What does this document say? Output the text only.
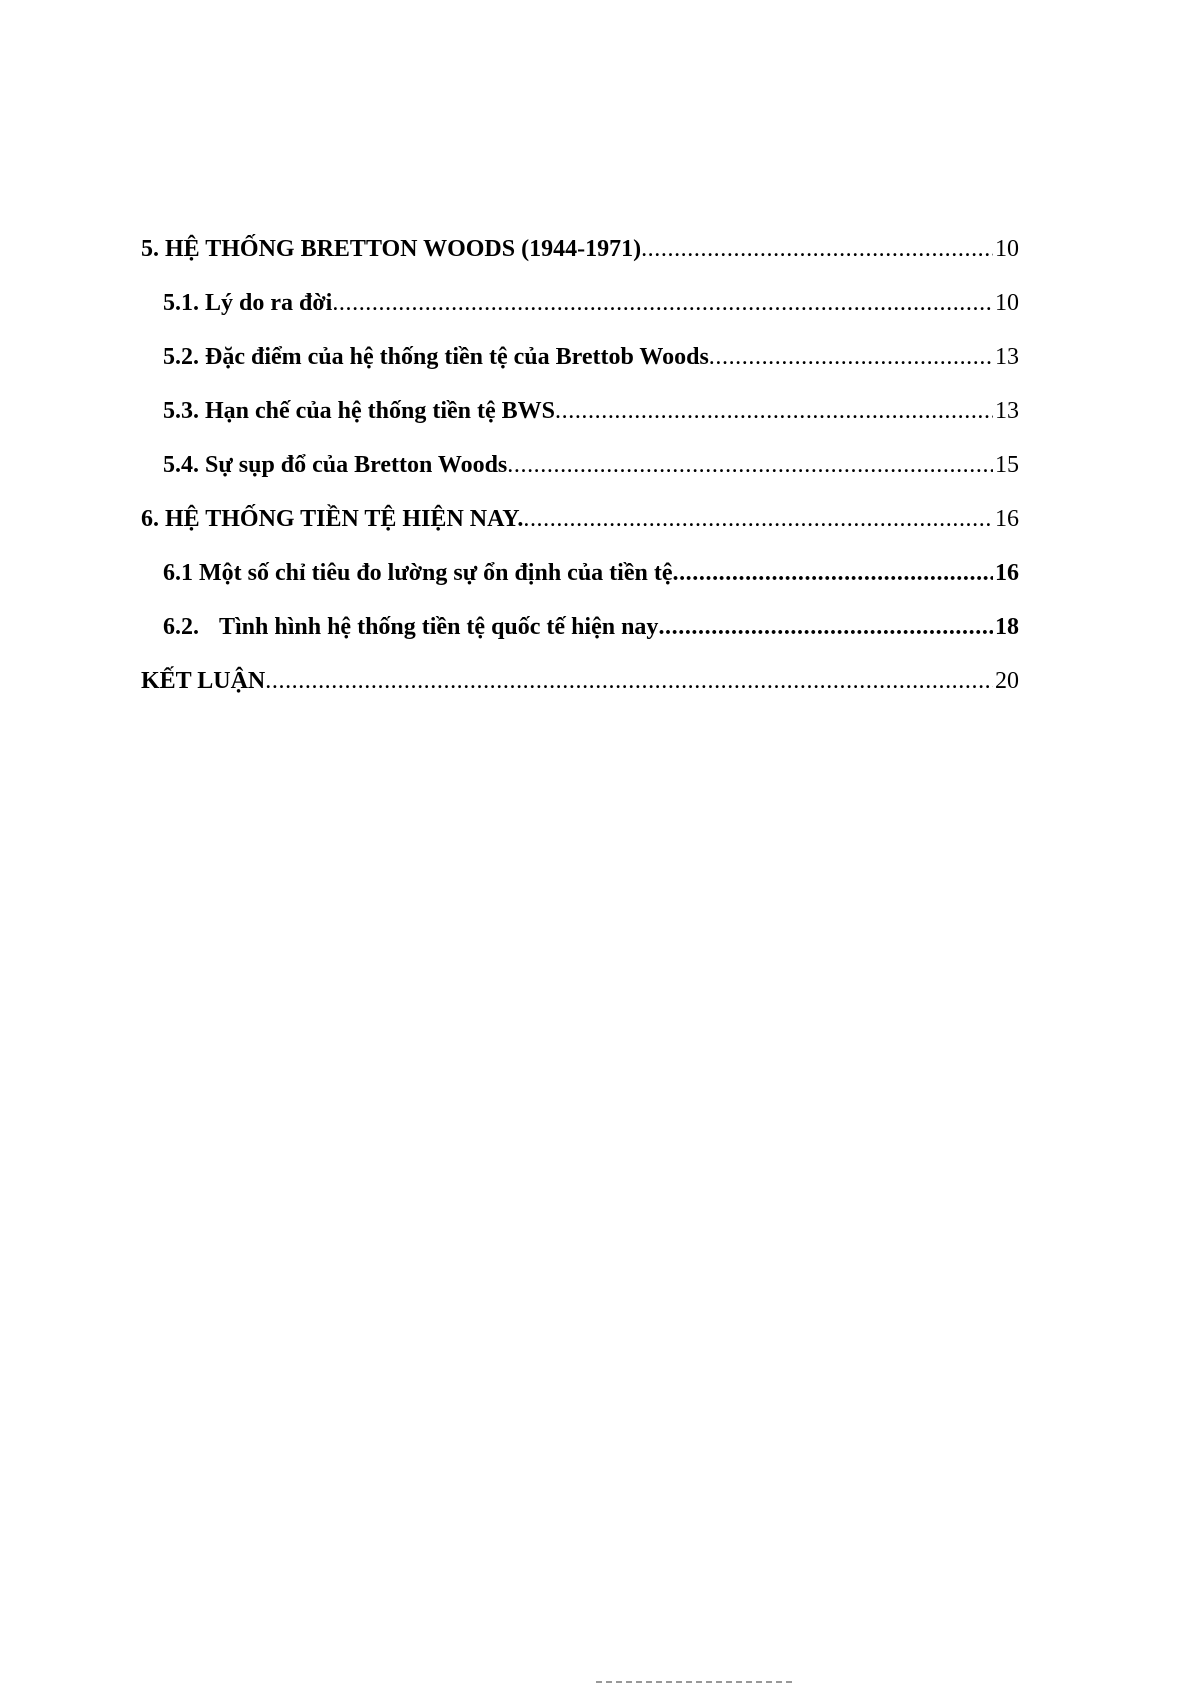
5. HỆ THỐNG BRETTON WOODS (1944-1971) .....	10
5.1. Lý do ra đời .....	10
5.2. Đặc điểm của hệ thống tiền tệ của Brettob Woods .....	13
5.3. Hạn chế của hệ thống tiền tệ BWS .....	13
5.4. Sự sụp đổ của Bretton Woods .....	15
6. HỆ THỐNG TIỀN TỆ HIỆN NAY. .....	16
6.1 Một số chỉ tiêu đo lường sự ổn định của tiền tệ .....	16
6.2. Tình hình hệ thống tiền tệ quốc tế hiện nay .....	18
KẾT LUẬN .....	20
